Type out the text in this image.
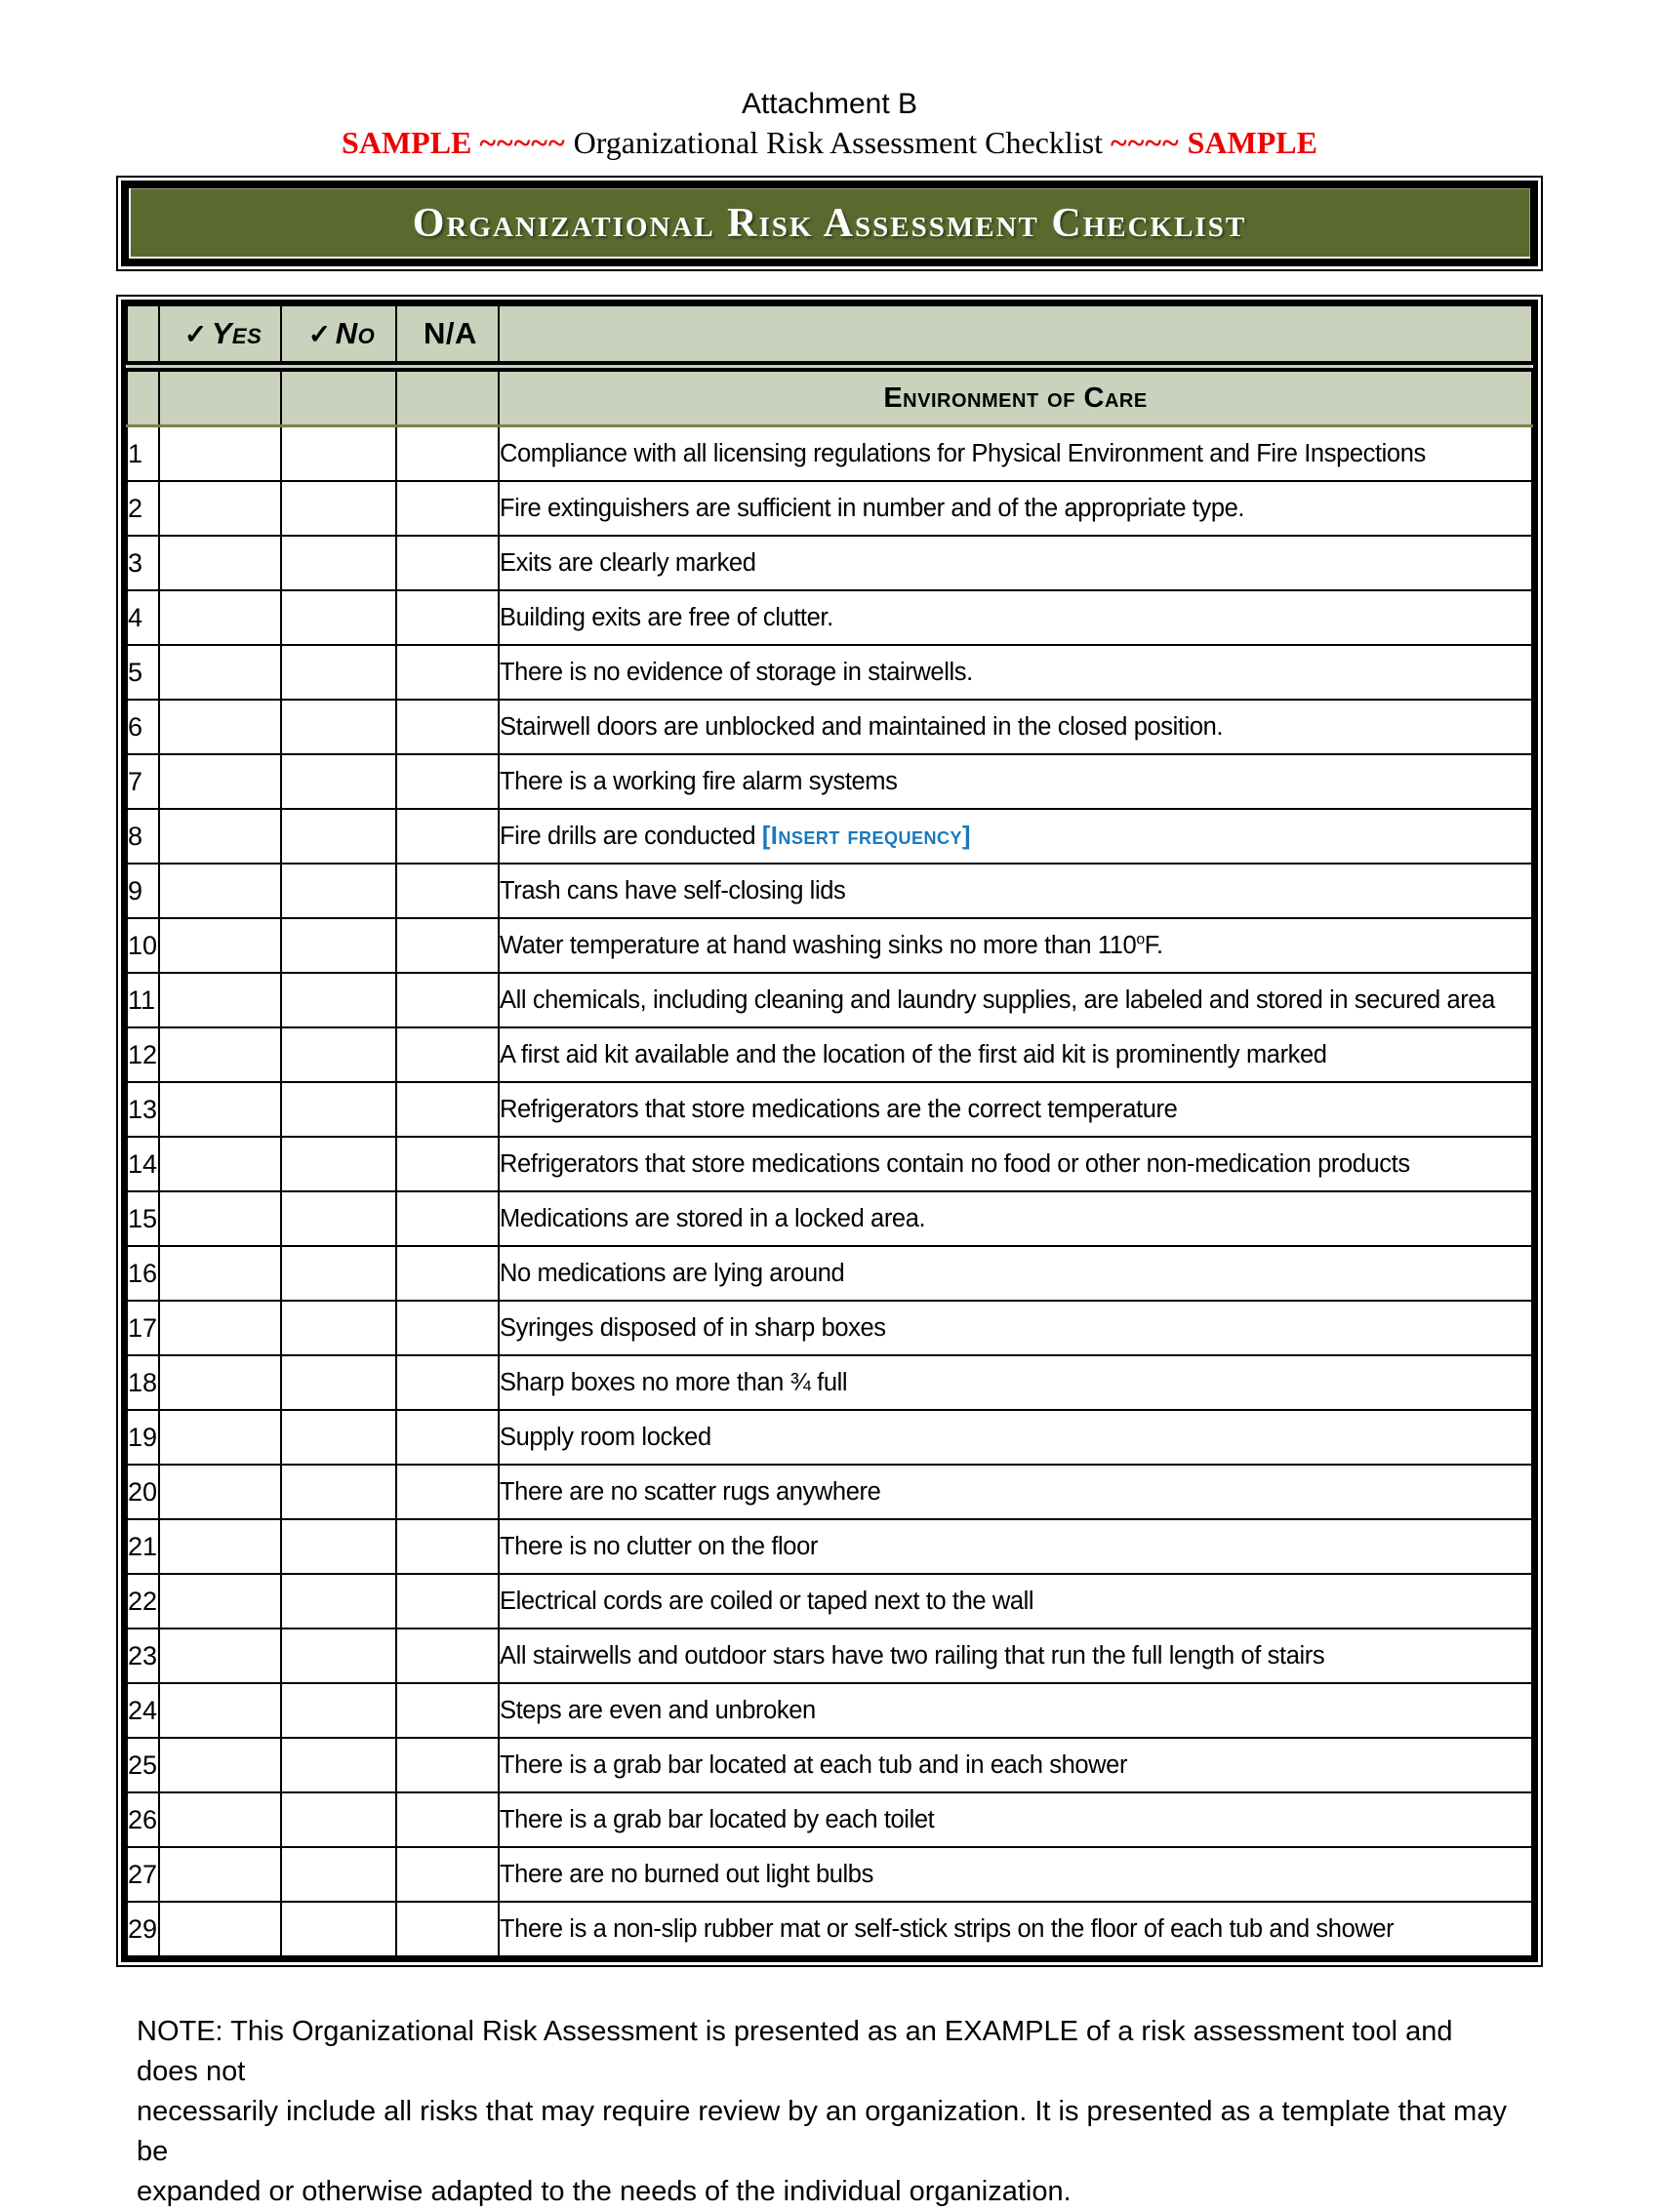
Attachment B
SAMPLE ~~~~~ Organizational Risk Assessment Checklist ~~~~ SAMPLE
Organizational Risk Assessment Checklist
	✓ Yes	✓ No	N/A	
				Environment of Care
1				Compliance with all licensing regulations for Physical Environment and Fire Inspections
2				Fire extinguishers are sufficient in number and of the appropriate type.
3				Exits are clearly marked
4				Building exits are free of clutter.
5				There is no evidence of storage in stairwells.
6				Stairwell doors are unblocked and maintained in the closed position.
7				There is a working fire alarm systems
8				Fire drills are conducted [Insert frequency]
9				Trash cans have self-closing lids
10				Water temperature at hand washing sinks no more than 110$^o$F.
11				All chemicals, including cleaning and laundry supplies, are labeled and stored in secured area
12				A first aid kit available and the location of the first aid kit is prominently marked
13				Refrigerators that store medications are the correct temperature
14				Refrigerators that store medications contain no food or other non-medication products
15				Medications are stored in a locked area.
16				No medications are lying around
17				Syringes disposed of in sharp boxes
18				Sharp boxes no more than ¾ full
19				Supply room locked
20				There are no scatter rugs anywhere
21				There is no clutter on the floor
22				Electrical cords are coiled or taped next to the wall
23				All stairwells and outdoor stars have two railing that run the full length of stairs
24				Steps are even and unbroken
25				There is a grab bar located at each tub and in each shower
26				There is a grab bar located by each toilet
27				There are no burned out light bulbs
29				There is a non-slip rubber mat or self-stick strips on the floor of each tub and shower
NOTE: This Organizational Risk Assessment is presented as an EXAMPLE of a risk assessment tool and does not
necessarily include all risks that may require review by an organization. It is presented as a template that may be
expanded or otherwise adapted to the needs of the individual organization.
